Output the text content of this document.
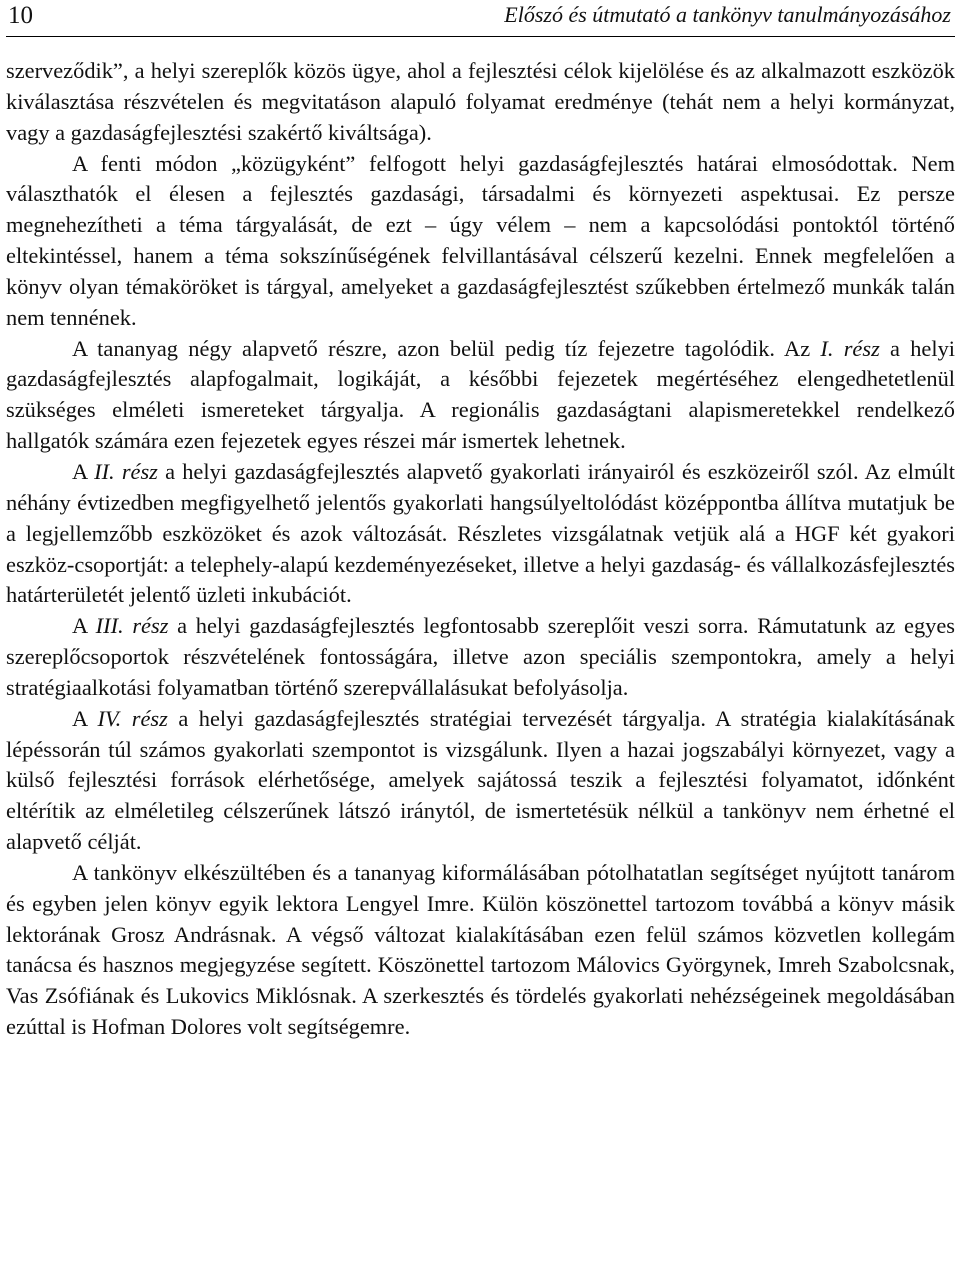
10	Előszó és útmutató a tankönyv tanulmányozásához

szerveződik”, a helyi szereplők közös ügye, ahol a fejlesztési célok kijelölése és az alkalmazott eszközök kiválasztása részvételen és megvitatáson alapuló folyamat eredménye (tehát nem a helyi kormányzat, vagy a gazdaságfejlesztési szakértő kiváltsága).

A fenti módon „közügyként” felfogott helyi gazdaságfejlesztés határai elmosódottak. Nem választhatók el élesen a fejlesztés gazdasági, társadalmi és környezeti aspektusai. Ez persze megnehezítheti a téma tárgyalását, de ezt – úgy vélem – nem a kapcsolódási pontoktól történő eltekintéssel, hanem a téma sokszínűségének felvillantásával célszerű kezelni. Ennek megfelelően a könyv olyan témaköröket is tárgyal, amelyeket a gazdaságfejlesztést szűkebben értelmező munkák talán nem tennének.

A tananyag négy alapvető részre, azon belül pedig tíz fejezetre tagolódik. Az I. rész a helyi gazdaságfejlesztés alapfogalmait, logikáját, a későbbi fejezetek megértéséhez elengedhetetlenül szükséges elméleti ismereteket tárgyalja. A regionális gazdaságtani alapismeretekkel rendelkező hallgatók számára ezen fejezetek egyes részei már ismertek lehetnek.

A II. rész a helyi gazdaságfejlesztés alapvető gyakorlati irányairól és eszközeiről szól. Az elmúlt néhány évtizedben megfigyelhető jelentős gyakorlati hangsúlyeltolódást középpontba állítva mutatjuk be a legjellemzőbb eszközöket és azok változását. Részletes vizsgálatnak vetjük alá a HGF két gyakori eszköz-csoportját: a telephely-alapú kezdeményezéseket, illetve a helyi gazdaság- és vállalkozásfejlesztés határterületét jelentő üzleti inkubációt.

A III. rész a helyi gazdaságfejlesztés legfontosabb szereplőit veszi sorra. Rámutatunk az egyes szereplőcsoportok részvételének fontosságára, illetve azon speciális szempontokra, amely a helyi stratégiaalkotási folyamatban történő szerepvállalásukat befolyásolja.

A IV. rész a helyi gazdaságfejlesztés stratégiai tervezését tárgyalja. A stratégia kialakításának lépéssorán túl számos gyakorlati szempontot is vizsgálunk. Ilyen a hazai jogszabályi környezet, vagy a külső fejlesztési források elérhetősége, amelyek sajátossá teszik a fejlesztési folyamatot, időnként eltérítik az elméletileg célszerűnek látszó iránytól, de ismertetésük nélkül a tankönyv nem érhetné el alapvető célját.

A tankönyv elkészültében és a tananyag kiformálásában pótolhatatlan segítséget nyújtott tanárom és egyben jelen könyv egyik lektora Lengyel Imre. Külön köszönettel tartozom továbbá a könyv másik lektorának Grosz Andrásnak. A végső változat kialakításában ezen felül számos közvetlen kollegám tanácsa és hasznos megjegyzése segített. Köszönettel tartozom Málovics Györgynek, Imreh Szabolcsnak, Vas Zsófiának és Lukovics Miklósnak. A szerkesztés és tördelés gyakorlati nehézségeinek megoldásában ezúttal is Hofman Dolores volt segítségemre.
